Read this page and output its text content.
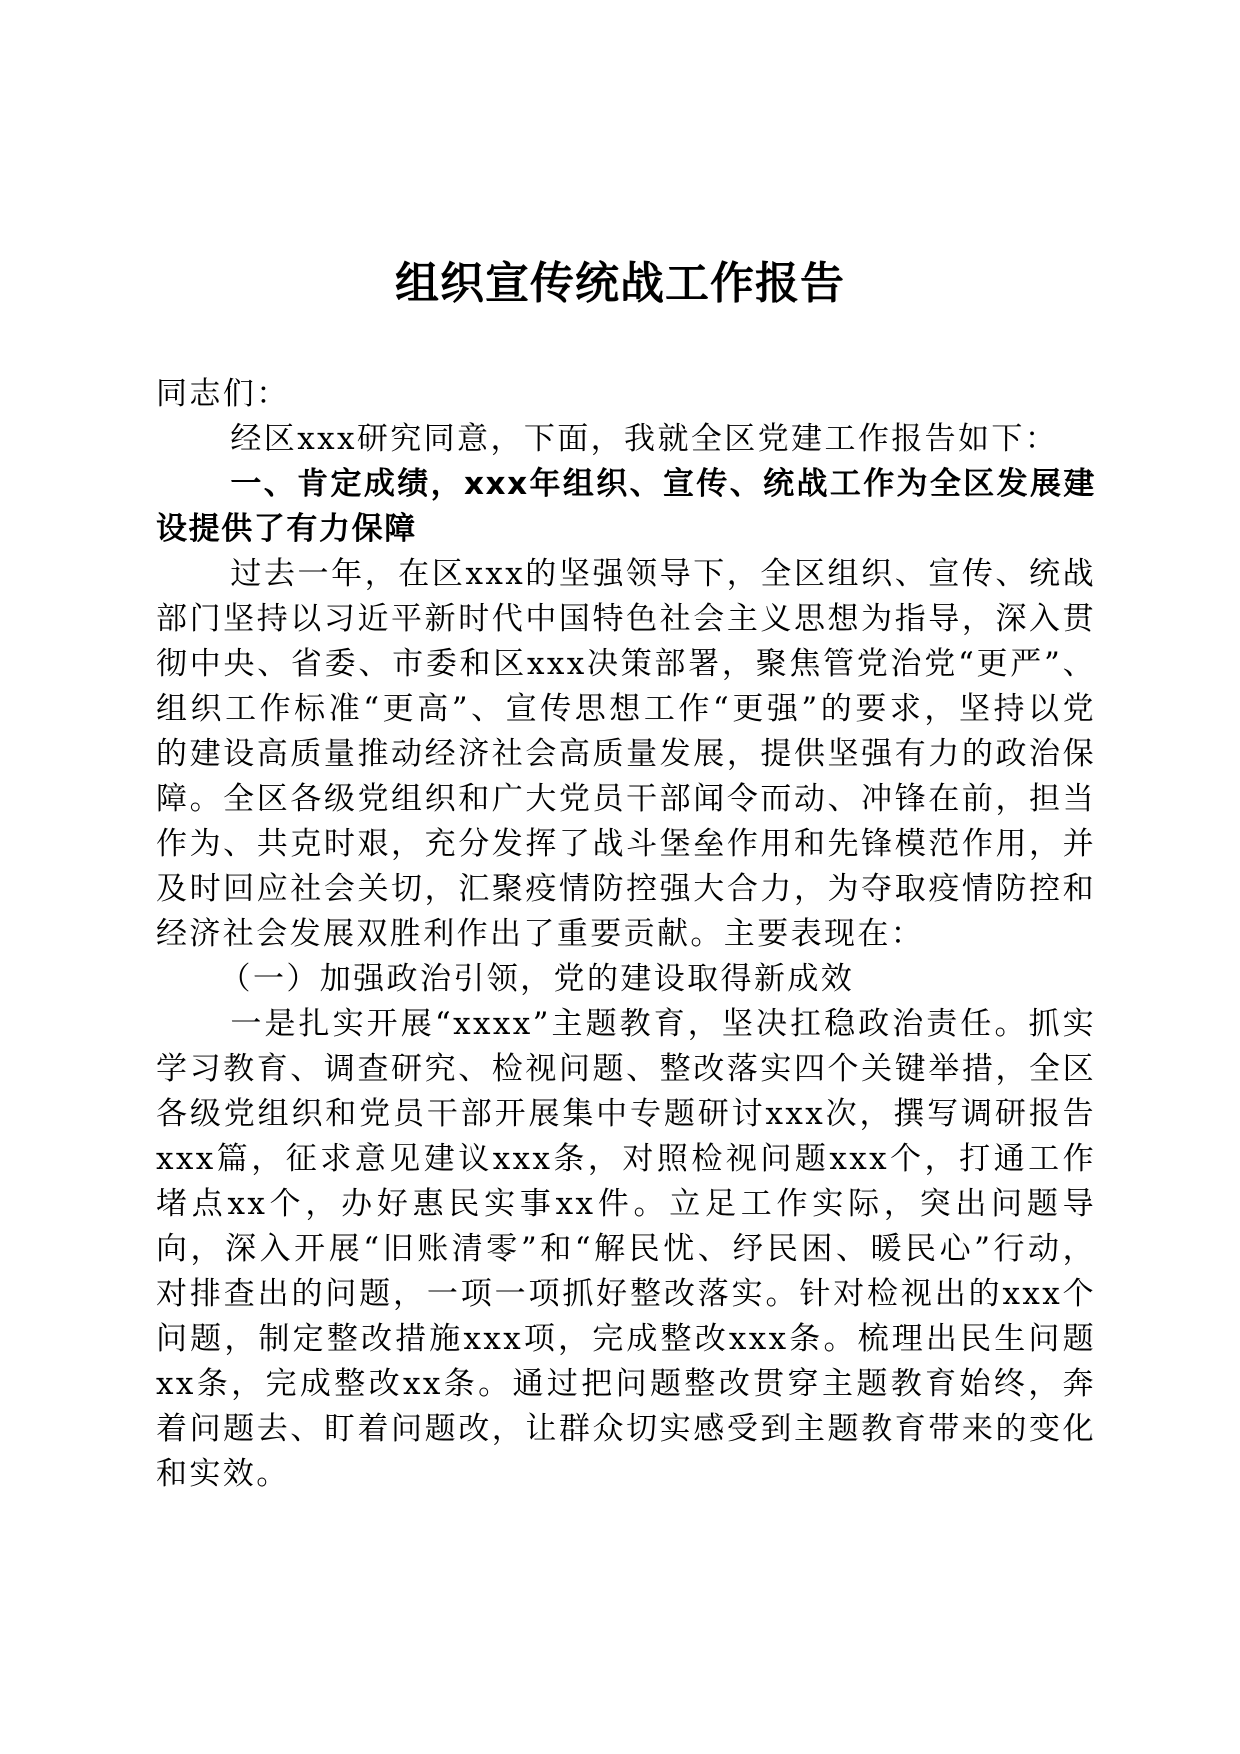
组织宣传统战工作报告

同志们：

经区xxx研究同意，下面，我就全区党建工作报告如下：

一、肯定成绩，xxx年组织、宣传、统战工作为全区发展建设提供了有力保障

过去一年，在区xxx的坚强领导下，全区组织、宣传、统战部门坚持以习近平新时代中国特色社会主义思想为指导，深入贯彻中央、省委、市委和区xxx决策部署，聚焦管党治党“更严”、组织工作标准“更高”、宣传思想工作“更强”的要求，坚持以党的建设高质量推动经济社会高质量发展，提供坚强有力的政治保障。全区各级党组织和广大党员干部闻令而动、冲锋在前，担当作为、共克时艰，充分发挥了战斗堡垒作用和先锋模范作用，并及时回应社会关切，汇聚疫情防控强大合力，为夺取疫情防控和经济社会发展双胜利作出了重要贡献。主要表现在：

（一）加强政治引领，党的建设取得新成效

一是扎实开展“xxxx”主题教育，坚决扛稳政治责任。抓实学习教育、调查研究、检视问题、整改落实四个关键举措，全区各级党组织和党员干部开展集中专题研讨xxx次，撰写调研报告xxx篇，征求意见建议xxx条，对照检视问题xxx个，打通工作堵点xx个，办好惠民实事xx件。立足工作实际，突出问题导向，深入开展“旧账清零”和“解民忧、纾民困、暖民心”行动，对排查出的问题，一项一项抓好整改落实。针对检视出的xxx个问题，制定整改措施xxx项，完成整改xxx条。梳理出民生问题xx条，完成整改xx条。通过把问题整改贯穿主题教育始终，奔着问题去、盯着问题改，让群众切实感受到主题教育带来的变化和实效。
